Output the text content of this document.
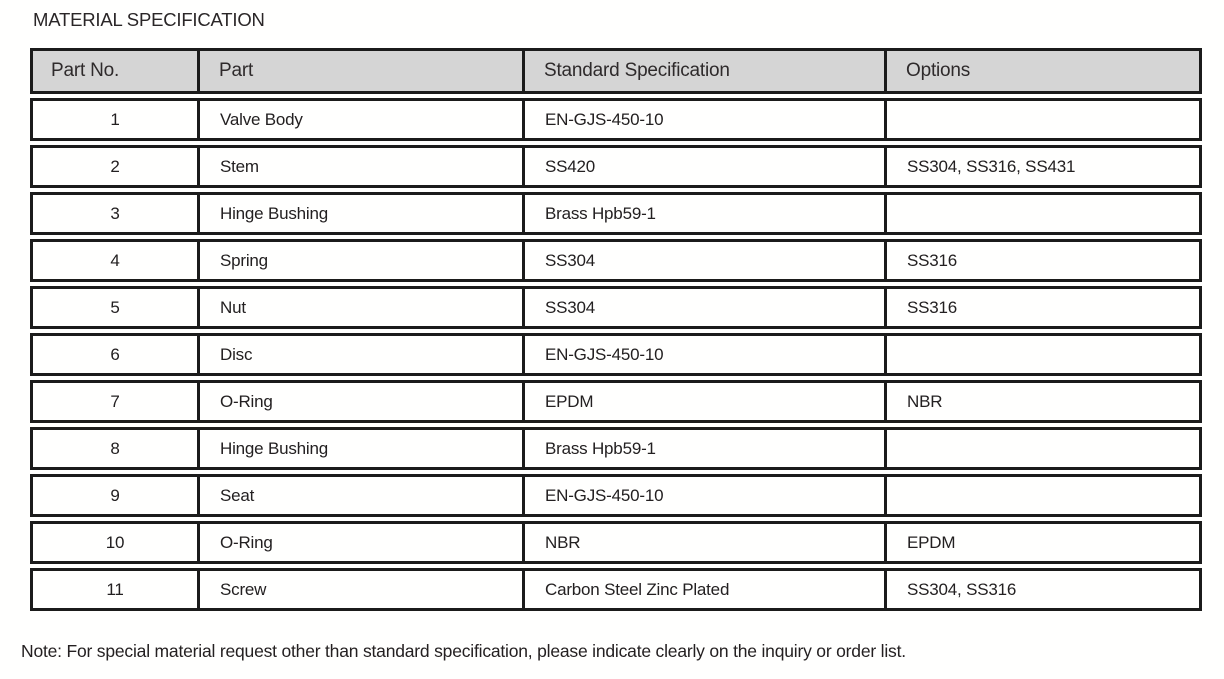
MATERIAL SPECIFICATION
Part No.	Part	Standard Specification	Options
1	Valve Body	EN-GJS-450-10	
2	Stem	SS420	SS304, SS316, SS431
3	Hinge Bushing	Brass Hpb59-1	
4	Spring	SS304	SS316
5	Nut	SS304	SS316
6	Disc	EN-GJS-450-10	
7	O-Ring	EPDM	NBR
8	Hinge Bushing	Brass Hpb59-1	
9	Seat	EN-GJS-450-10	
10	O-Ring	NBR	EPDM
11	Screw	Carbon Steel Zinc Plated	SS304, SS316
Note: For special material request other than standard specification, please indicate clearly on the inquiry or order list.
